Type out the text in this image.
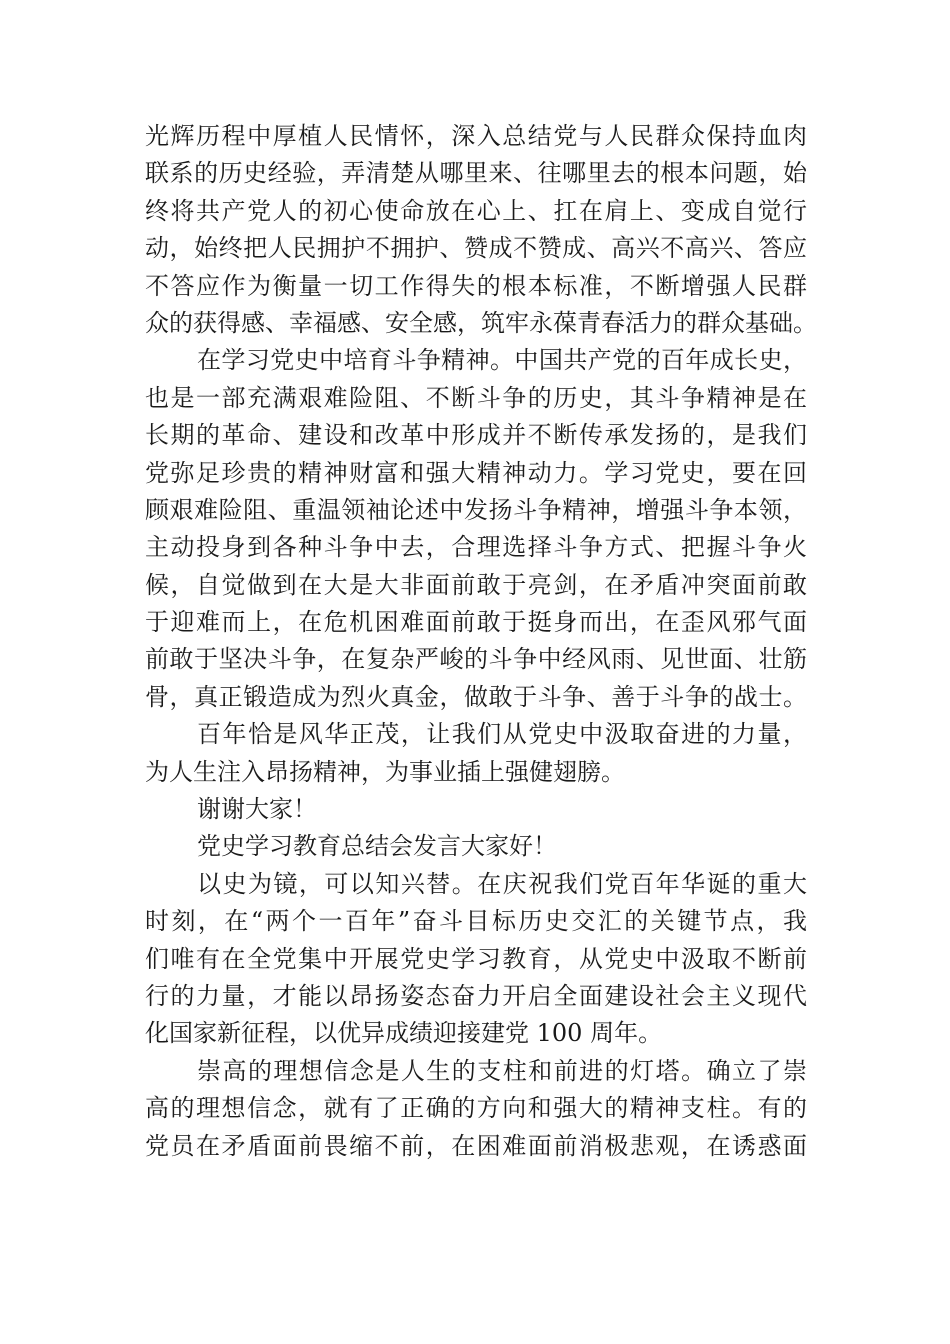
光辉历程中厚植人民情怀，深入总结党与人民群众保持血肉
联系的历史经验，弄清楚从哪里来、往哪里去的根本问题，始
终将共产党人的初心使命放在心上、扛在肩上、变成自觉行
动，始终把人民拥护不拥护、赞成不赞成、高兴不高兴、答应
不答应作为衡量一切工作得失的根本标准，不断增强人民群
众的获得感、幸福感、安全感，筑牢永葆青春活力的群众基础。
在学习党史中培育斗争精神。中国共产党的百年成长史，
也是一部充满艰难险阻、不断斗争的历史，其斗争精神是在
长期的革命、建设和改革中形成并不断传承发扬的，是我们
党弥足珍贵的精神财富和强大精神动力。学习党史，要在回
顾艰难险阻、重温领袖论述中发扬斗争精神，增强斗争本领，
主动投身到各种斗争中去，合理选择斗争方式、把握斗争火
候，自觉做到在大是大非面前敢于亮剑，在矛盾冲突面前敢
于迎难而上，在危机困难面前敢于挺身而出，在歪风邪气面
前敢于坚决斗争，在复杂严峻的斗争中经风雨、见世面、壮筋
骨，真正锻造成为烈火真金，做敢于斗争、善于斗争的战士。
百年恰是风华正茂，让我们从党史中汲取奋进的力量，
为人生注入昂扬精神，为事业插上强健翅膀。
谢谢大家！
党史学习教育总结会发言大家好！
以史为镜，可以知兴替。在庆祝我们党百年华诞的重大
时刻，在“两个一百年”奋斗目标历史交汇的关键节点，我
们唯有在全党集中开展党史学习教育，从党史中汲取不断前
行的力量，才能以昂扬姿态奋力开启全面建设社会主义现代
化国家新征程，以优异成绩迎接建党 100 周年。
崇高的理想信念是人生的支柱和前进的灯塔。确立了崇
高的理想信念，就有了正确的方向和强大的精神支柱。有的
党员在矛盾面前畏缩不前，在困难面前消极悲观，在诱惑面
